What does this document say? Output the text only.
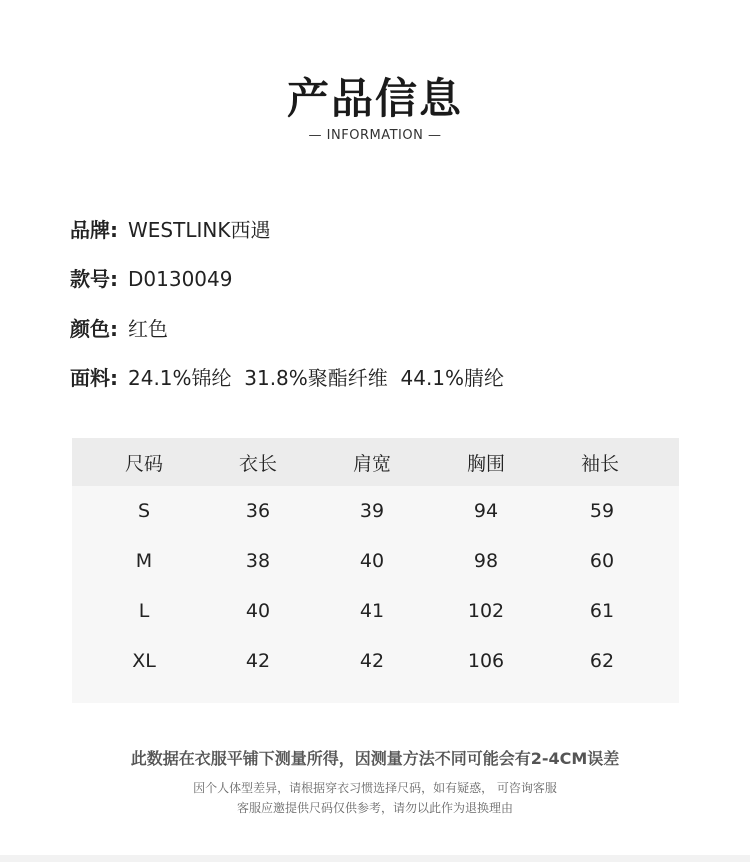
产品信息
— INFORMATION —
品牌: WESTLINK西遇
款号: D0130049
颜色: 红色
面料: 24.1%锦纶  31.8%聚酯纤维  44.1%腈纶
尺码	衣长	肩宽	胸围	袖长
S	36	39	94	59
M	38	40	98	60
L	40	41	102	61
XL	42	42	106	62
此数据在衣服平铺下测量所得，因测量方法不同可能会有2-4CM误差
因个人体型差异，请根据穿衣习惯选择尺码，如有疑惑， 可咨询客服
客服应邀提供尺码仅供参考，请勿以此作为退换理由
